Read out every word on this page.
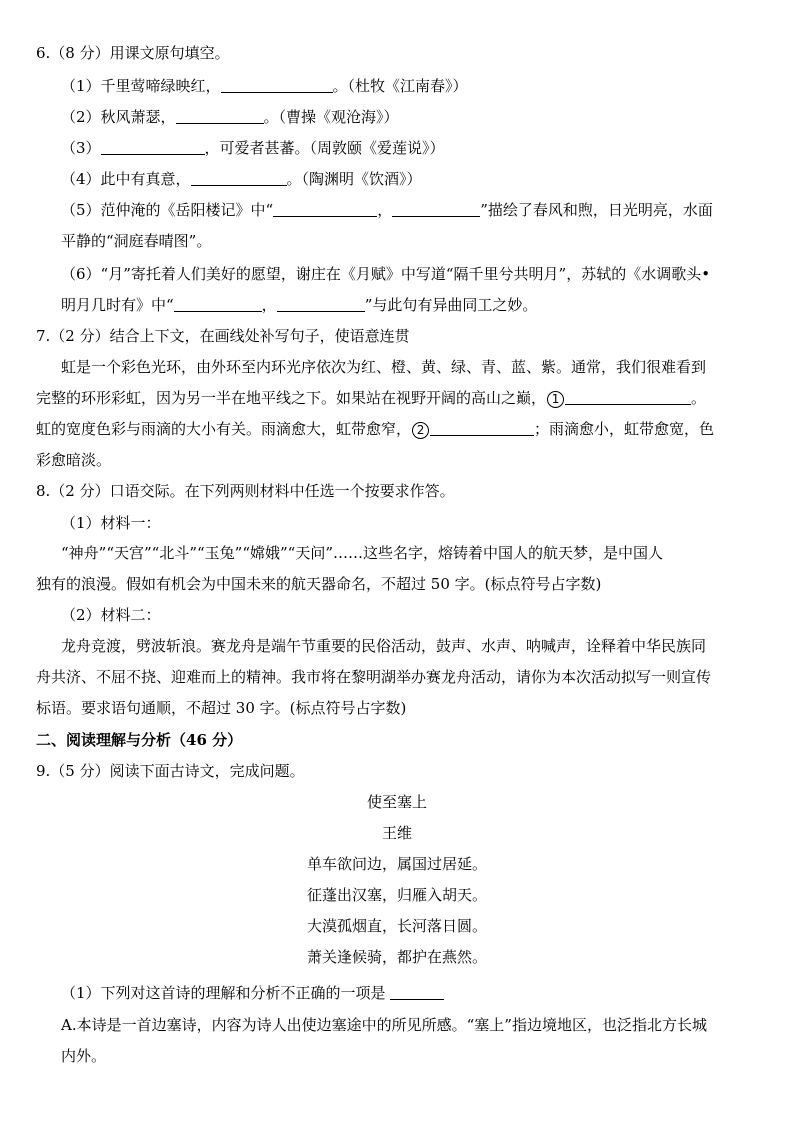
6.（8 分）用课文原句填空。
（1）千里莺啼绿映红，	。（杜牧《江南春》）
（2）秋风萧瑟，	。（曹操《观沧海》）
（3）	，可爱者甚蕃。（周敦颐《爱莲说》）
（4）此中有真意，	。（陶渊明《饮酒》）
（5）范仲淹的《岳阳楼记》中“	，	”描绘了春风和煦，日光明亮，水面
平静的“洞庭春晴图”。
（6）“月”寄托着人们美好的愿望，谢庄在《月赋》中写道“隔千里兮共明月”，苏轼的《水调歌头•
明月几时有》中“	，	”与此句有异曲同工之妙。
7.（2 分）结合上下文，在画线处补写句子，使语意连贯
虹是一个彩色光环，由外环至内环光序依次为红、橙、黄、绿、青、蓝、紫。通常，我们很难看到
完整的环形彩虹，因为另一半在地平线之下。如果站在视野开阔的高山之巅， 1	。
虹的宽度色彩与雨滴的大小有关。雨滴愈大，虹带愈窄， 2	；雨滴愈小，虹带愈宽，色
彩愈暗淡。
8.（2 分）口语交际。在下列两则材料中任选一个按要求作答。
（1）材料一：
“神舟”“天宫”“北斗”“玉兔”“嫦娥”“天问”……这些名字，熔铸着中国人的航天梦，是中国人
独有的浪漫。假如有机会为中国未来的航天器命名，不超过 50 字。(标点符号占字数)
（2）材料二：
龙舟竞渡，劈波斩浪。赛龙舟是端午节重要的民俗活动，鼓声、水声、呐喊声，诠释着中华民族同
舟共济、不屈不挠、迎难而上的精神。我市将在黎明湖举办赛龙舟活动，请你为本次活动拟写一则宣传
标语。要求语句通顺，不超过 30 字。(标点符号占字数)
二、阅读理解与分析（46 分）
9.（5 分）阅读下面古诗文，完成问题。
使至塞上
王维
单车欲问边，属国过居延。
征蓬出汉塞，归雁入胡天。
大漠孤烟直，长河落日圆。
萧关逢候骑，都护在燕然。
（1）下列对这首诗的理解和分析不正确的一项是
A.本诗是一首边塞诗，内容为诗人出使边塞途中的所见所感。“塞上”指边境地区，也泛指北方长城
内外。
